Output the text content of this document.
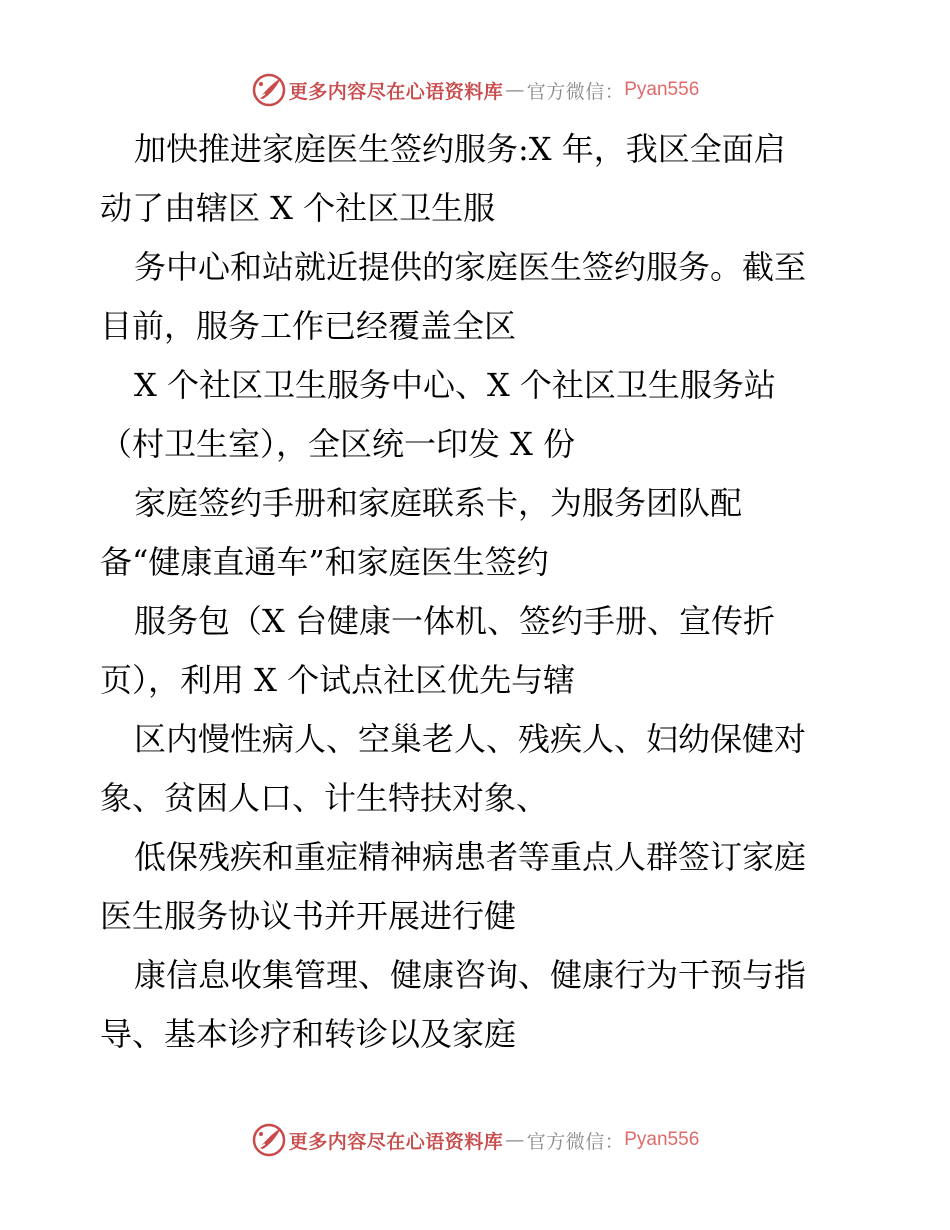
更多内容尽在心语资料库 — 官方微信： Pyan556
加快推进家庭医生签约服务:X 年，我区全面启
动了由辖区 X 个社区卫生服
务中心和站就近提供的家庭医生签约服务。截至
目前，服务工作已经覆盖全区
X 个社区卫生服务中心、X 个社区卫生服务站
（村卫生室），全区统一印发 X 份
家庭签约手册和家庭联系卡，为服务团队配
备“健康直通车”和家庭医生签约
服务包（X 台健康一体机、签约手册、宣传折
页），利用 X 个试点社区优先与辖
区内慢性病人、空巢老人、残疾人、妇幼保健对
象、贫困人口、计生特扶对象、
低保残疾和重症精神病患者等重点人群签订家庭
医生服务协议书并开展进行健
康信息收集管理、健康咨询、健康行为干预与指
导、基本诊疗和转诊以及家庭
更多内容尽在心语资料库 — 官方微信： Pyan556
